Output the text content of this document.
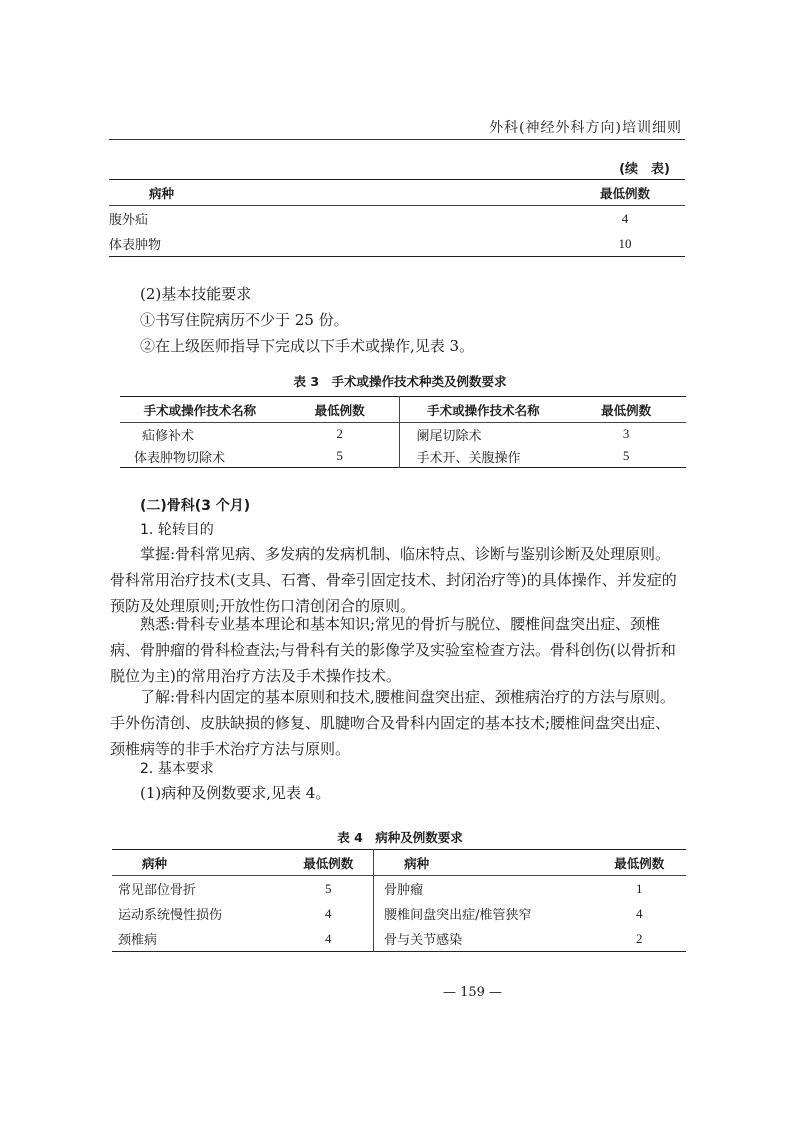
外科(神经外科方向)培训细则
(续　表)
病种	最低例数
腹外疝	4
体表肿物	10
(2)基本技能要求
①书写住院病历不少于 25 份。
②在上级医师指导下完成以下手术或操作,见表 3。
表 3　手术或操作技术种类及例数要求
手术或操作技术名称	最低例数	手术或操作技术名称	最低例数
疝修补术	2	阑尾切除术	3
体表肿物切除术	5	手术开、关腹操作	5
(二)骨科(3 个月)
1. 轮转目的
掌握:骨科常见病、多发病的发病机制、临床特点、诊断与鉴别诊断及处理原则。骨科常用治疗技术(支具、石膏、骨牵引固定技术、封闭治疗等)的具体操作、并发症的预防及处理原则;开放性伤口清创闭合的原则。
熟悉:骨科专业基本理论和基本知识;常见的骨折与脱位、腰椎间盘突出症、颈椎病、骨肿瘤的骨科检查法;与骨科有关的影像学及实验室检查方法。骨科创伤(以骨折和脱位为主)的常用治疗方法及手术操作技术。
了解:骨科内固定的基本原则和技术,腰椎间盘突出症、颈椎病治疗的方法与原则。手外伤清创、皮肤缺损的修复、肌腱吻合及骨科内固定的基本技术;腰椎间盘突出症、颈椎病等的非手术治疗方法与原则。
2. 基本要求
(1)病种及例数要求,见表 4。
表 4　病种及例数要求
病种	最低例数	病种	最低例数
常见部位骨折	5	骨肿瘤	1
运动系统慢性损伤	4	腰椎间盘突出症/椎管狭窄	4
颈椎病	4	骨与关节感染	2
— 159 —
